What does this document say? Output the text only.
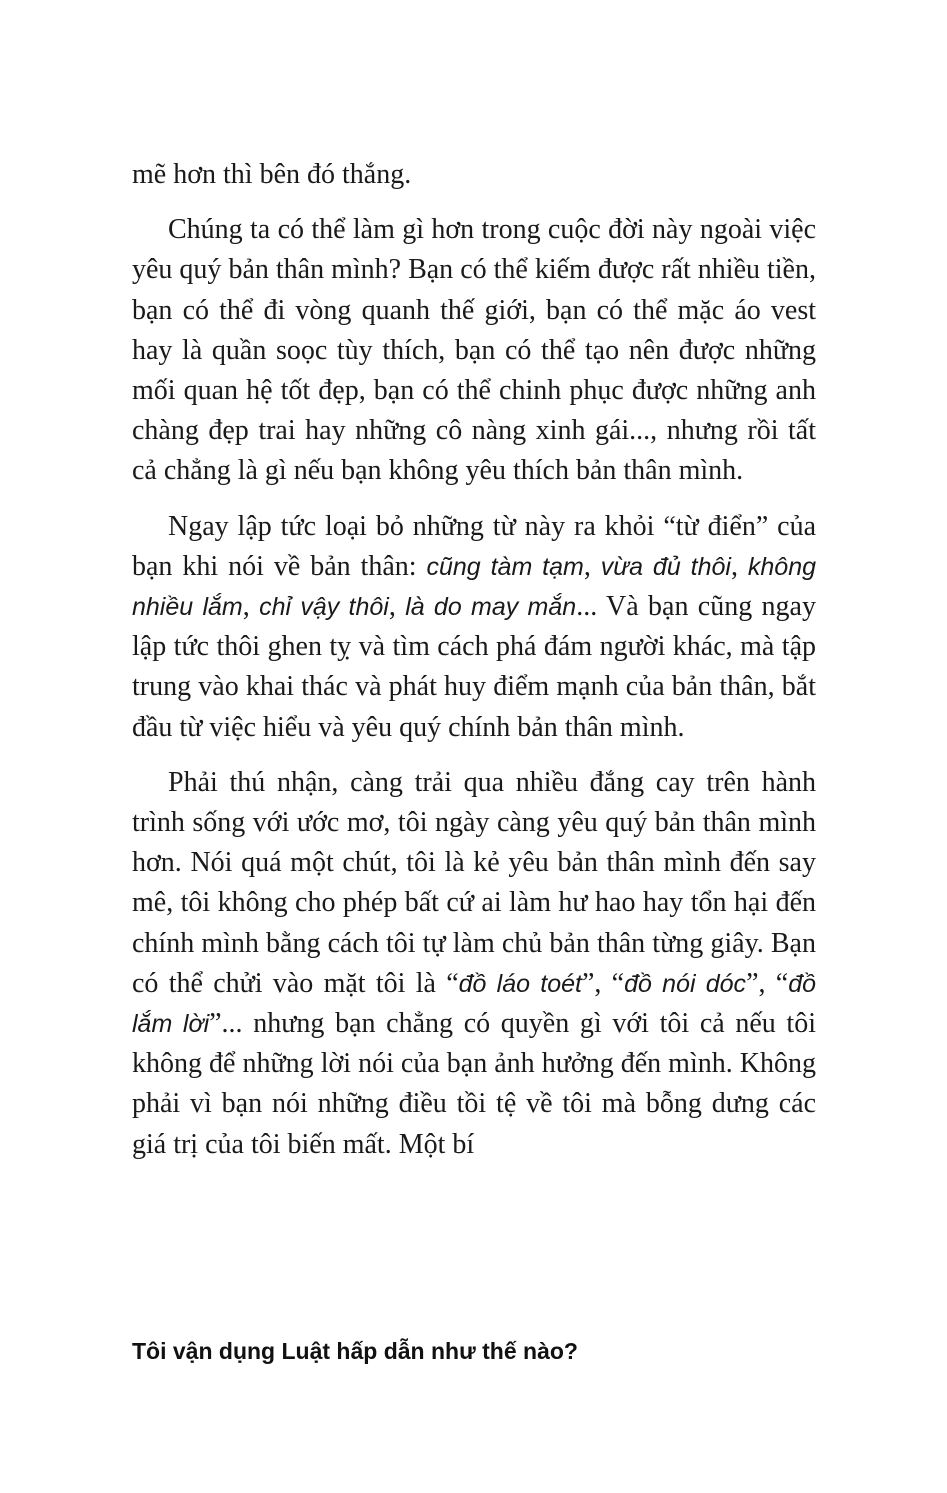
mẽ hơn thì bên đó thắng.

Chúng ta có thể làm gì hơn trong cuộc đời này ngoài việc yêu quý bản thân mình? Bạn có thể kiếm được rất nhiều tiền, bạn có thể đi vòng quanh thế giới, bạn có thể mặc áo vest hay là quần soọc tùy thích, bạn có thể tạo nên được những mối quan hệ tốt đẹp, bạn có thể chinh phục được những anh chàng đẹp trai hay những cô nàng xinh gái..., nhưng rồi tất cả chẳng là gì nếu bạn không yêu thích bản thân mình.

Ngay lập tức loại bỏ những từ này ra khỏi “từ điển” của bạn khi nói về bản thân: cũng tàm tạm, vừa đủ thôi, không nhiều lắm, chỉ vậy thôi, là do may mắn... Và bạn cũng ngay lập tức thôi ghen tỵ và tìm cách phá đám người khác, mà tập trung vào khai thác và phát huy điểm mạnh của bản thân, bắt đầu từ việc hiểu và yêu quý chính bản thân mình.

Phải thú nhận, càng trải qua nhiều đắng cay trên hành trình sống với ước mơ, tôi ngày càng yêu quý bản thân mình hơn. Nói quá một chút, tôi là kẻ yêu bản thân mình đến say mê, tôi không cho phép bất cứ ai làm hư hao hay tổn hại đến chính mình bằng cách tôi tự làm chủ bản thân từng giây. Bạn có thể chửi vào mặt tôi là “đồ láo toét”, “đồ nói dóc”, “đồ lắm lời”... nhưng bạn chẳng có quyền gì với tôi cả nếu tôi không để những lời nói của bạn ảnh hưởng đến mình. Không phải vì bạn nói những điều tồi tệ về tôi mà bỗng dưng các giá trị của tôi biến mất. Một bí

Tôi vận dụng Luật hấp dẫn như thế nào?
